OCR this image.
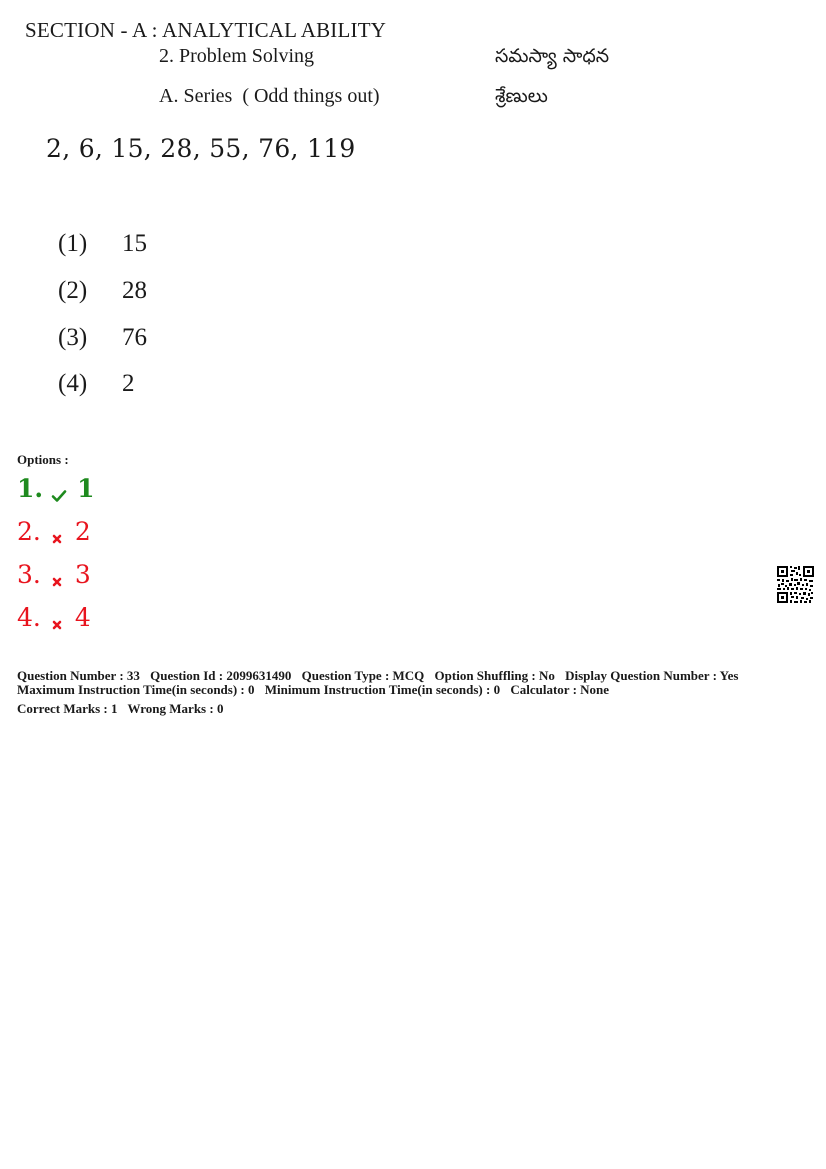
SECTION - A : ANALYTICAL ABILITY
2. Problem Solving	సమస్యా సాధన
A. Series  ( Odd things out)	శ్రేణులు
2, 6, 15, 28, 55, 76, 119
(1)	15
(2)	28
(3)	76
(4)	2
Options :
1. 1
2. 2
3. 3
4. 4
Question Number : 33 Question Id : 2099631490 Question Type : MCQ Option Shuffling : No Display Question Number : Yes
Maximum Instruction Time(in seconds) : 0 Minimum Instruction Time(in seconds) : 0 Calculator : None
Correct Marks : 1 Wrong Marks : 0
